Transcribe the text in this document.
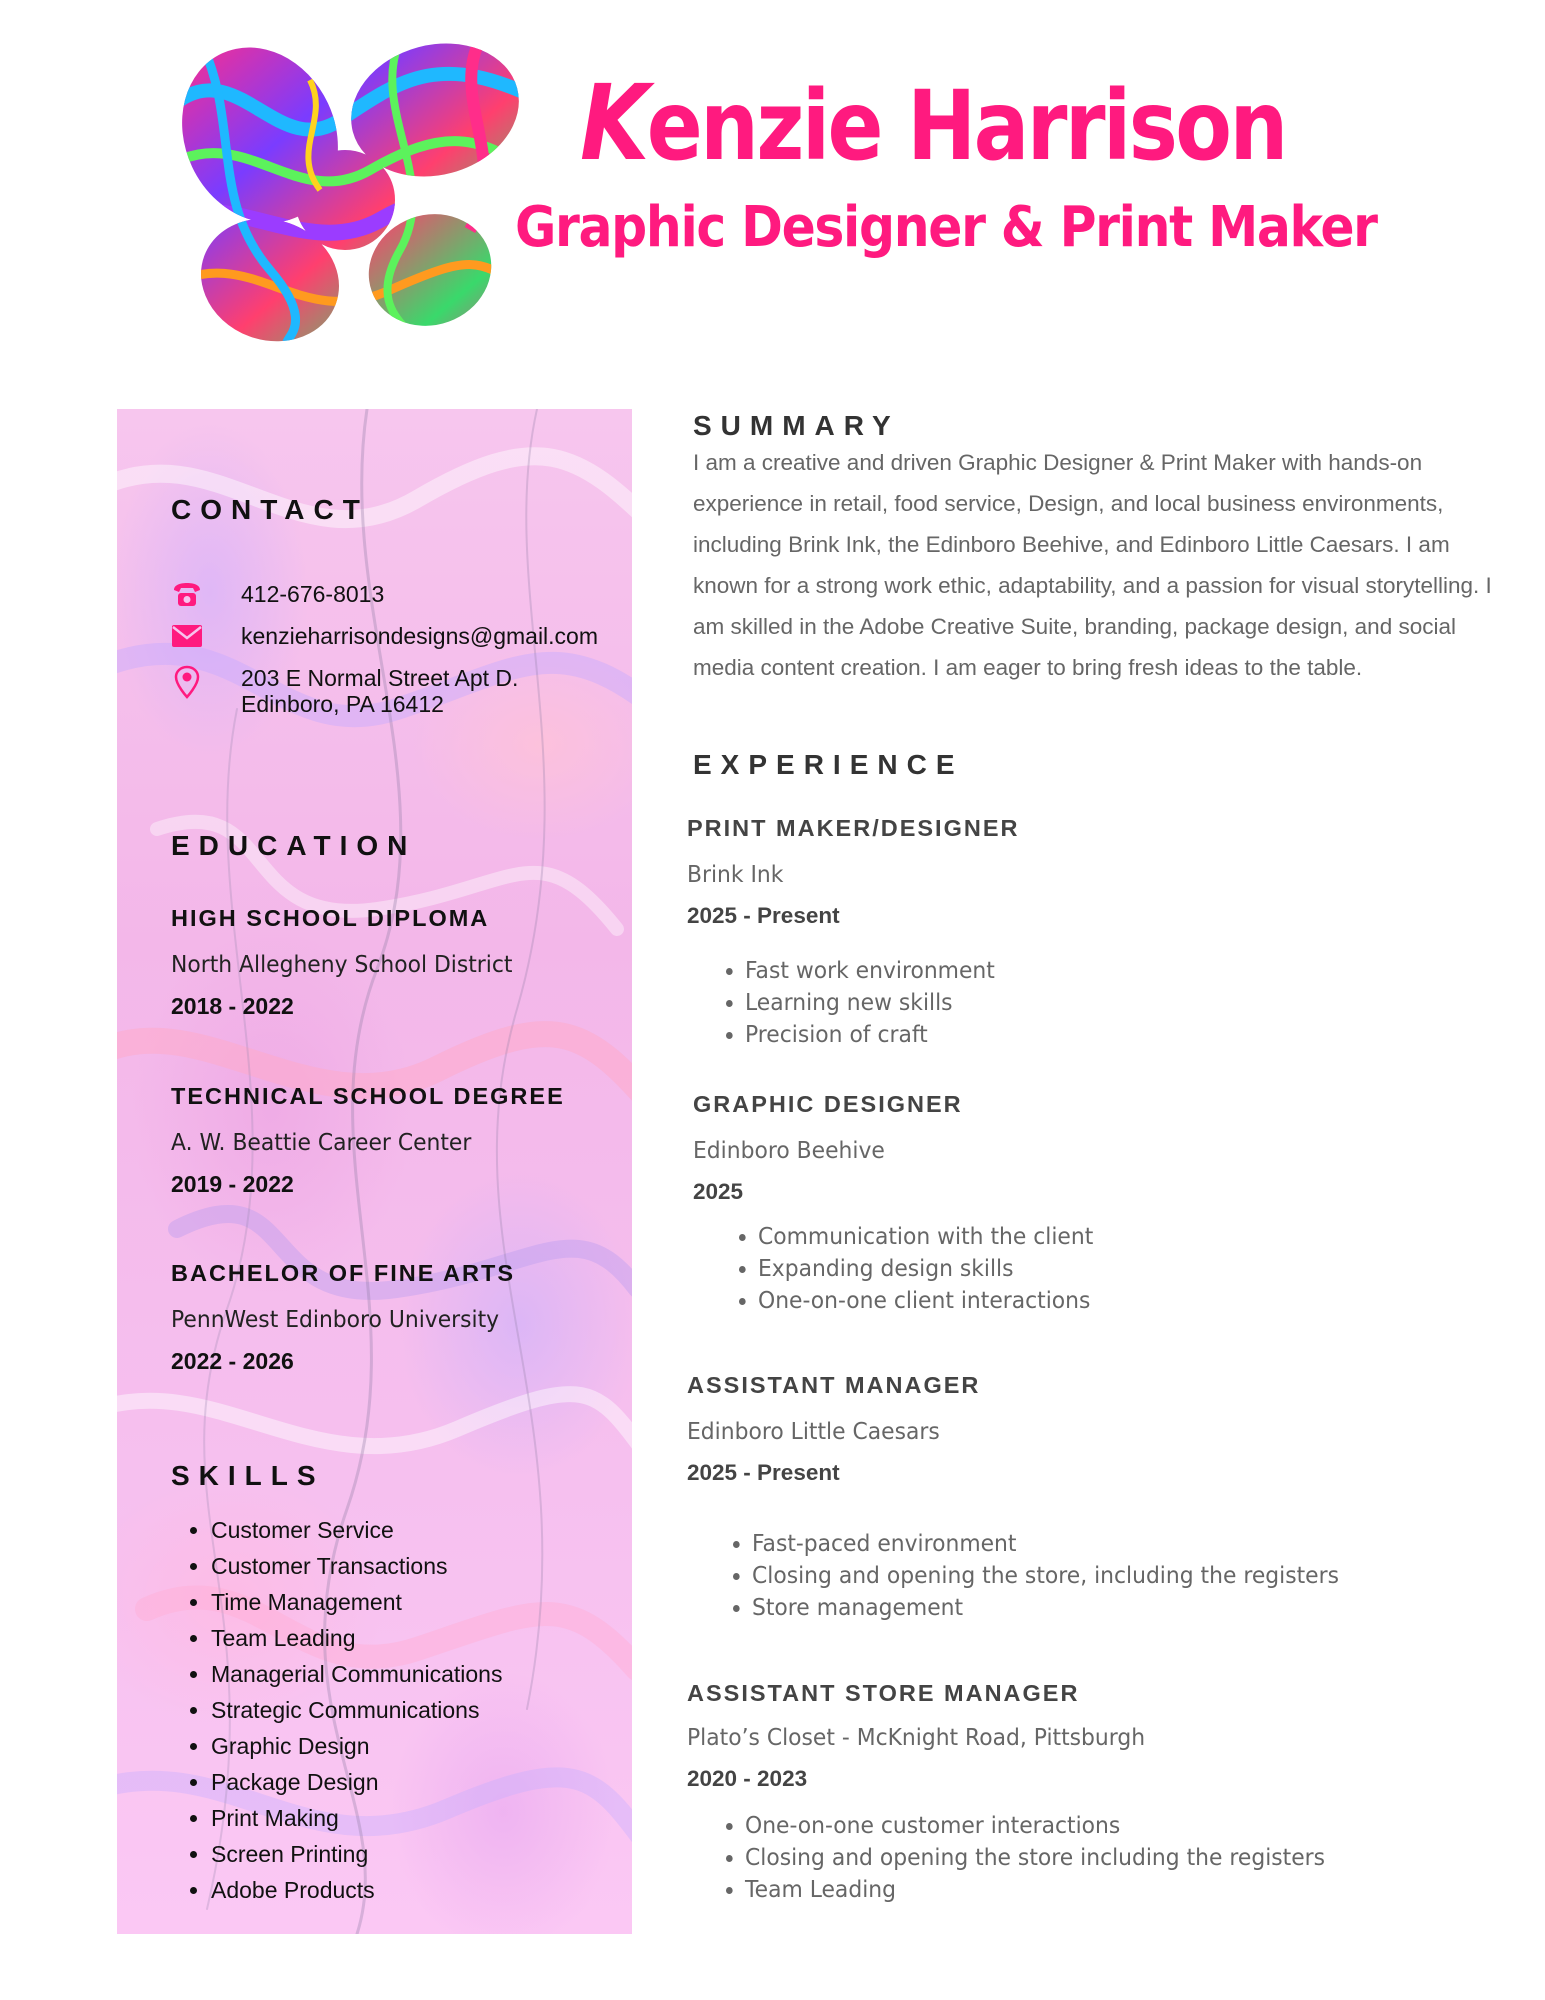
Kenzie Harrison
Graphic Designer & Print Maker
CONTACT
412-676-8013
kenzieharrisondesigns@gmail.com
203 E Normal Street Apt D.
Edinboro, PA 16412
EDUCATION
HIGH SCHOOL DIPLOMA
North Allegheny School District
2018 - 2022
TECHNICAL SCHOOL DEGREE
A. W. Beattie Career Center
2019 - 2022
BACHELOR OF FINE ARTS
PennWest Edinboro University
2022 - 2026
SKILLS
• Customer Service
• Customer Transactions
• Time Management
• Team Leading
• Managerial Communications
• Strategic Communications
• Graphic Design
• Package Design
• Print Making
• Screen Printing
• Adobe Products
SUMMARY

I am a creative and driven Graphic Designer & Print Maker with hands-on experience in retail, food service, Design, and local business environments, including Brink Ink, the Edinboro Beehive, and Edinboro Little Caesars. I am known for a strong work ethic, adaptability, and a passion for visual storytelling. I am skilled in the Adobe Creative Suite, branding, package design, and social media content creation. I am eager to bring fresh ideas to the table.

EXPERIENCE
PRINT MAKER/DESIGNER
Brink Ink
2025 - Present
• Fast work environment
• Learning new skills
• Precision of craft
GRAPHIC DESIGNER
Edinboro Beehive
2025
• Communication with the client
• Expanding design skills
• One-on-one client interactions
ASSISTANT MANAGER
Edinboro Little Caesars
2025 - Present
• Fast-paced environment
• Closing and opening the store, including the registers
• Store management
ASSISTANT STORE MANAGER
Plato’s Closet - McKnight Road, Pittsburgh
2020 - 2023
• One-on-one customer interactions
• Closing and opening the store including the registers
• Team Leading
